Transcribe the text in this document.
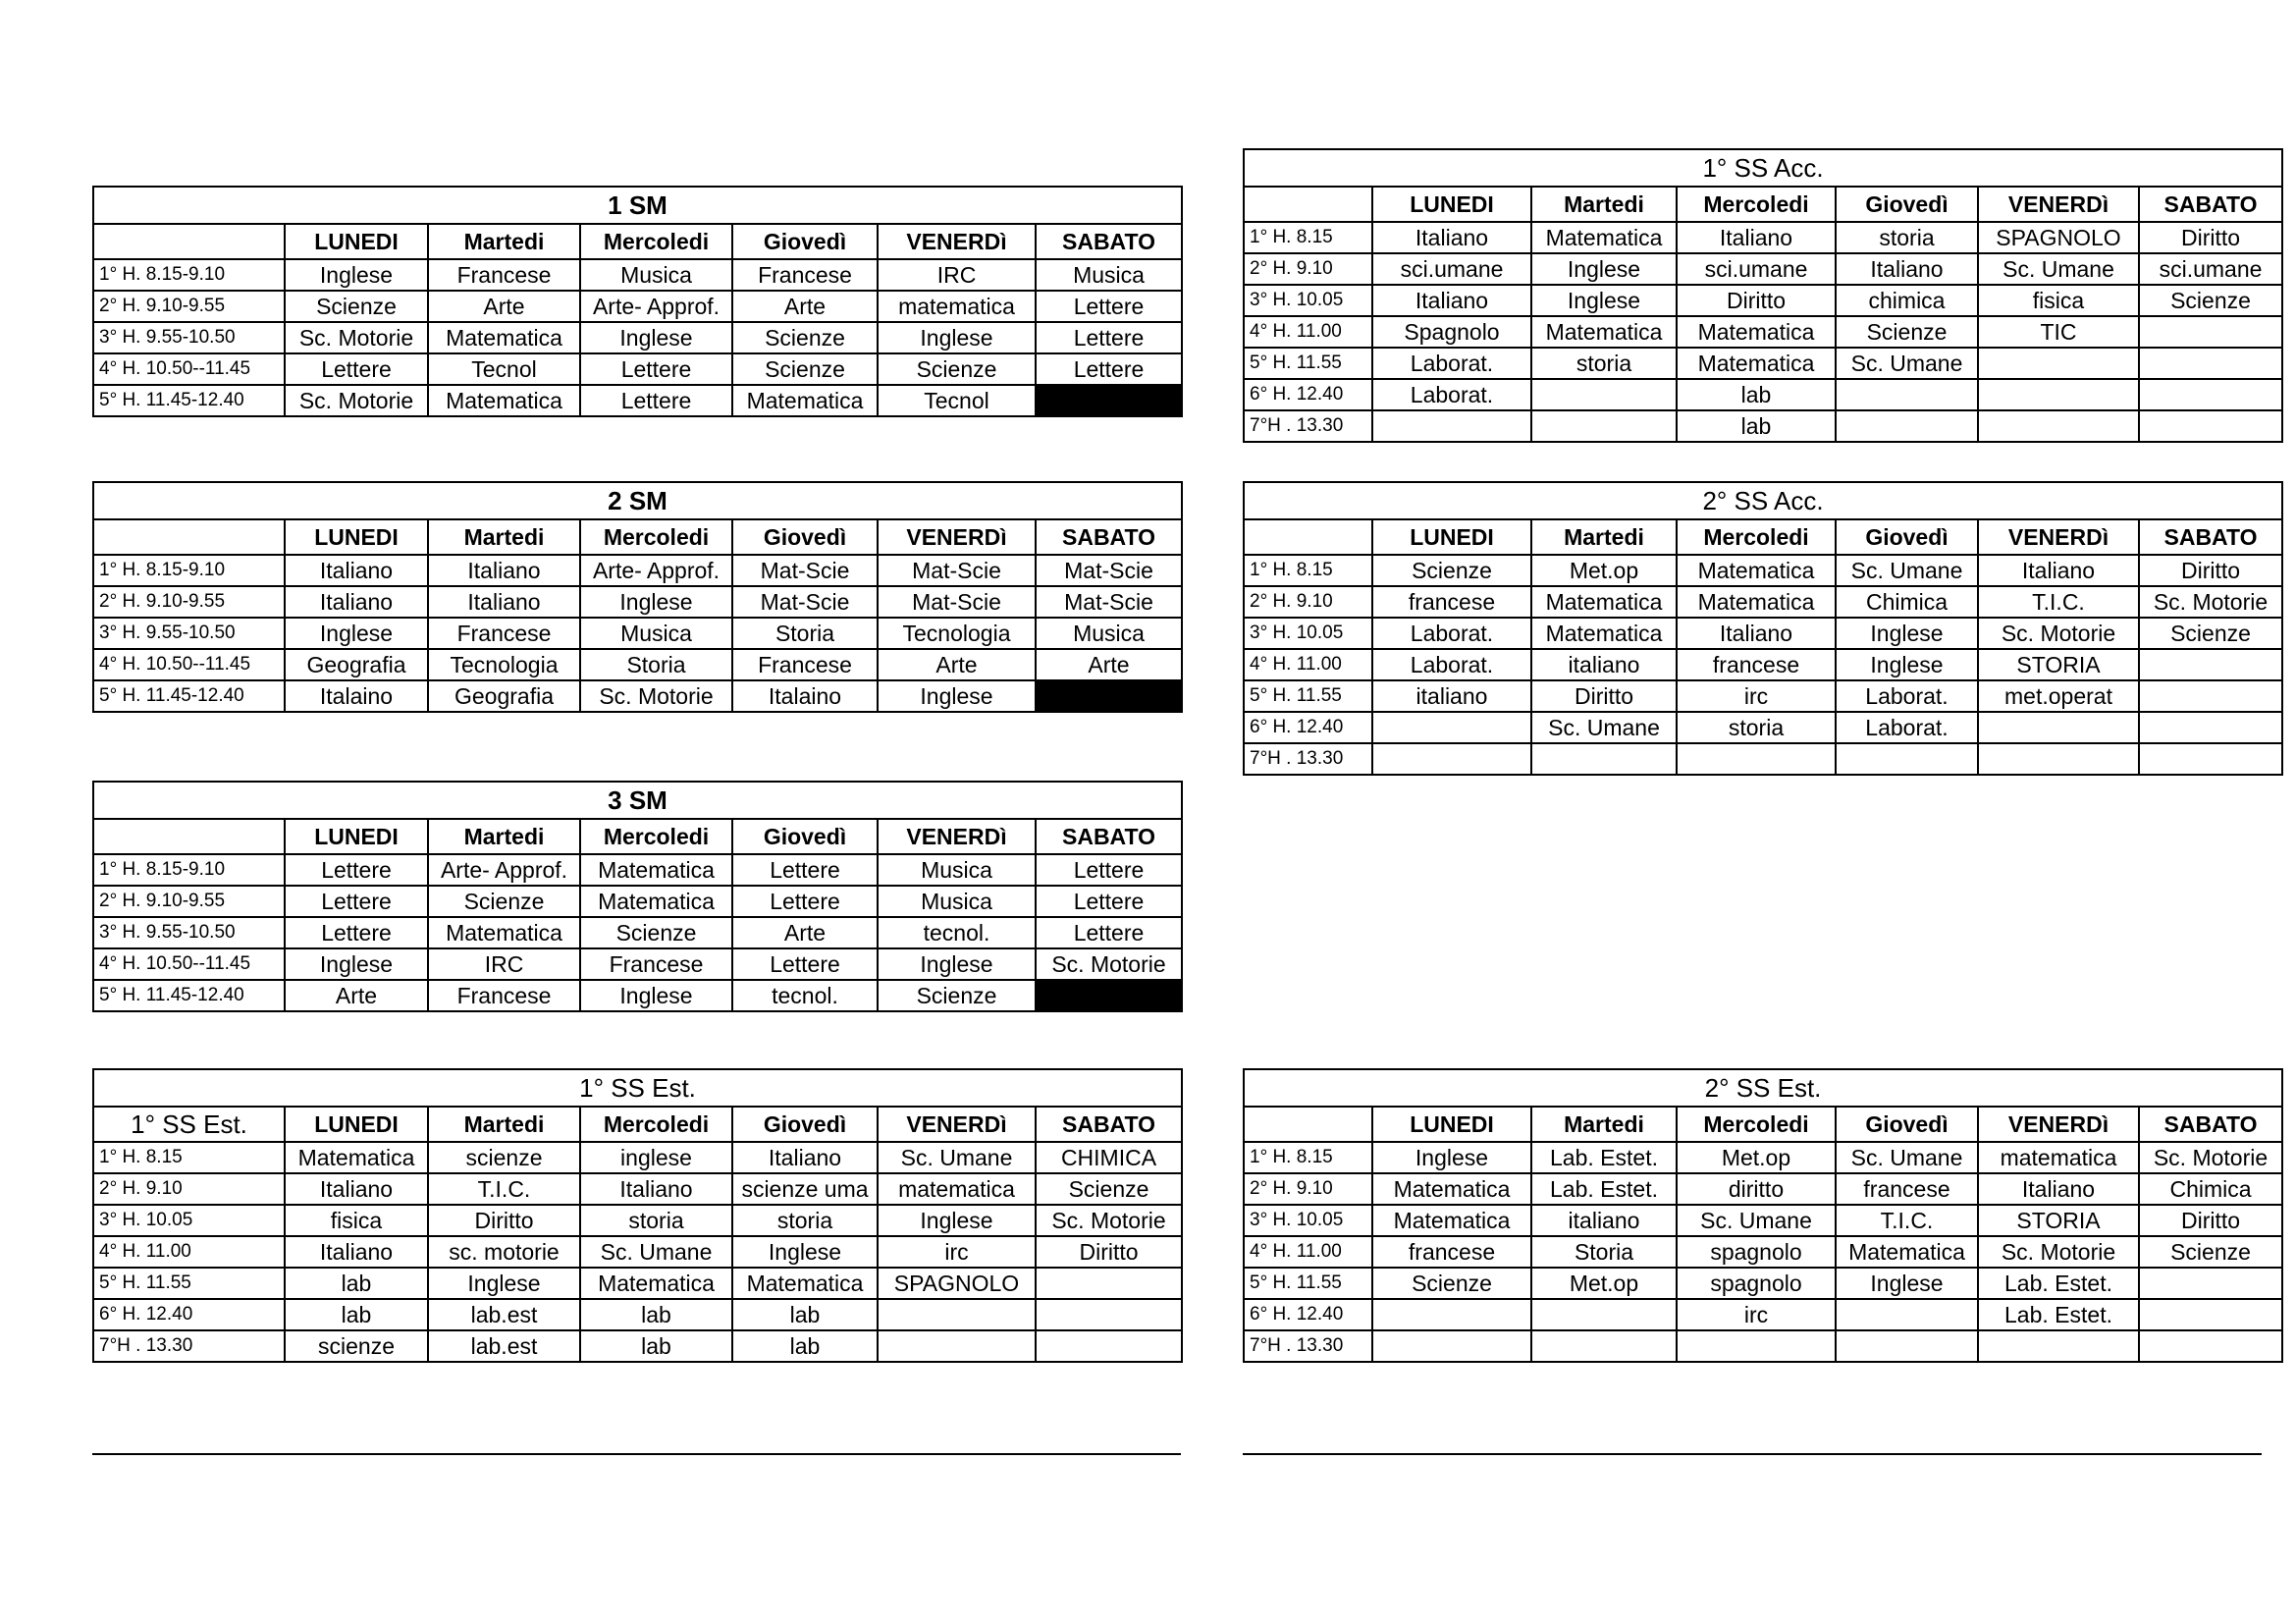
1 SM						
	LUNEDI	Martedi	Mercoledi	Giovedì	VENERDì	SABATO
1° H. 8.15-9.10	Inglese	Francese	Musica	Francese	IRC	Musica
2° H. 9.10-9.55	Scienze	Arte	Arte- Approf.	Arte	matematica	Lettere
3° H. 9.55-10.50	Sc. Motorie	Matematica	Inglese	Scienze	Inglese	Lettere
4° H. 10.50--11.45	Lettere	Tecnol	Lettere	Scienze	Scienze	Lettere
5° H. 11.45-12.40	Sc. Motorie	Matematica	Lettere	Matematica	Tecnol	
2 SM						
	LUNEDI	Martedi	Mercoledi	Giovedì	VENERDì	SABATO
1° H. 8.15-9.10	Italiano	Italiano	Arte- Approf.	Mat-Scie	Mat-Scie	Mat-Scie
2° H. 9.10-9.55	Italiano	Italiano	Inglese	Mat-Scie	Mat-Scie	Mat-Scie
3° H. 9.55-10.50	Inglese	Francese	Musica	Storia	Tecnologia	Musica
4° H. 10.50--11.45	Geografia	Tecnologia	Storia	Francese	Arte	Arte
5° H. 11.45-12.40	Italaino	Geografia	Sc. Motorie	Italaino	Inglese	
3 SM						
	LUNEDI	Martedi	Mercoledi	Giovedì	VENERDì	SABATO
1° H. 8.15-9.10	Lettere	Arte- Approf.	Matematica	Lettere	Musica	Lettere
2° H. 9.10-9.55	Lettere	Scienze	Matematica	Lettere	Musica	Lettere
3° H. 9.55-10.50	Lettere	Matematica	Scienze	Arte	tecnol.	Lettere
4° H. 10.50--11.45	Inglese	IRC	Francese	Lettere	Inglese	Sc. Motorie
5° H. 11.45-12.40	Arte	Francese	Inglese	tecnol.	Scienze	
1° SS Est.						
1° SS Est.	LUNEDI	Martedi	Mercoledi	Giovedì	VENERDì	SABATO
1° H. 8.15	Matematica	scienze	inglese	Italiano	Sc. Umane	CHIMICA
2° H. 9.10	Italiano	T.I.C.	Italiano	scienze uma	matematica	Scienze
3° H. 10.05	fisica	Diritto	storia	storia	Inglese	Sc. Motorie
4° H. 11.00	Italiano	sc. motorie	Sc. Umane	Inglese	irc	Diritto
5° H. 11.55	lab	Inglese	Matematica	Matematica	SPAGNOLO	
6° H. 12.40	lab	lab.est	lab	lab		
7°H . 13.30	scienze	lab.est	lab	lab		
1° SS Acc.						
	LUNEDI	Martedi	Mercoledi	Giovedì	VENERDì	SABATO
1° H. 8.15	Italiano	Matematica	Italiano	storia	SPAGNOLO	Diritto
2° H. 9.10	sci.umane	Inglese	sci.umane	Italiano	Sc. Umane	sci.umane
3° H. 10.05	Italiano	Inglese	Diritto	chimica	fisica	Scienze
4° H. 11.00	Spagnolo	Matematica	Matematica	Scienze	TIC	
5° H. 11.55	Laborat.	storia	Matematica	Sc. Umane		
6° H. 12.40	Laborat.		lab			
7°H . 13.30			lab			
2° SS Acc.						
	LUNEDI	Martedi	Mercoledi	Giovedì	VENERDì	SABATO
1° H. 8.15	Scienze	Met.op	Matematica	Sc. Umane	Italiano	Diritto
2° H. 9.10	francese	Matematica	Matematica	Chimica	T.I.C.	Sc. Motorie
3° H. 10.05	Laborat.	Matematica	Italiano	Inglese	Sc. Motorie	Scienze
4° H. 11.00	Laborat.	italiano	francese	Inglese	STORIA	
5° H. 11.55	italiano	Diritto	irc	Laborat.	met.operat	
6° H. 12.40		Sc. Umane	storia	Laborat.		
7°H . 13.30						
2° SS Est.						
	LUNEDI	Martedi	Mercoledi	Giovedì	VENERDì	SABATO
1° H. 8.15	Inglese	Lab. Estet.	Met.op	Sc. Umane	matematica	Sc. Motorie
2° H. 9.10	Matematica	Lab. Estet.	diritto	francese	Italiano	Chimica
3° H. 10.05	Matematica	italiano	Sc. Umane	T.I.C.	STORIA	Diritto
4° H. 11.00	francese	Storia	spagnolo	Matematica	Sc. Motorie	Scienze
5° H. 11.55	Scienze	Met.op	spagnolo	Inglese	Lab. Estet.	
6° H. 12.40			irc		Lab. Estet.	
7°H . 13.30						
